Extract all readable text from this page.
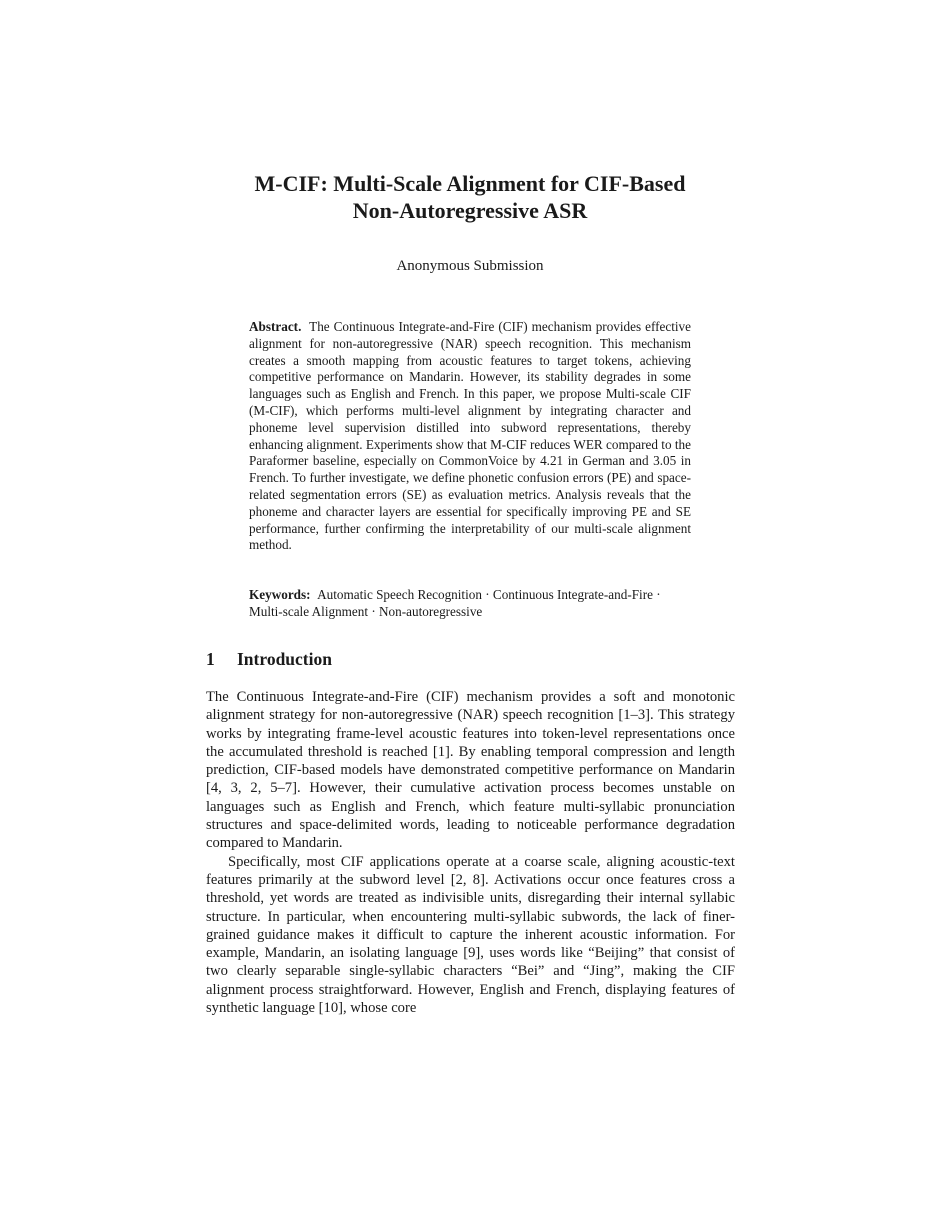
M-CIF: Multi-Scale Alignment for CIF-Based
Non-Autoregressive ASR
Anonymous Submission
Abstract. The Continuous Integrate-and-Fire (CIF) mechanism provides effective alignment for non-autoregressive (NAR) speech recognition. This mechanism creates a smooth mapping from acoustic features to target tokens, achieving competitive performance on Mandarin. However, its stability degrades in some languages such as English and French. In this paper, we propose Multi-scale CIF (M-CIF), which performs multi-level alignment by integrating character and phoneme level supervision distilled into subword representations, thereby enhancing alignment. Experiments show that M-CIF reduces WER compared to the Paraformer baseline, especially on CommonVoice by 4.21 in German and 3.05 in French. To further investigate, we define phonetic confusion errors (PE) and space-related segmentation errors (SE) as evaluation metrics. Analysis reveals that the phoneme and character layers are essential for specifically improving PE and SE performance, further confirming the interpretability of our multi-scale alignment method.
Keywords: Automatic Speech Recognition · Continuous Integrate-and-Fire · Multi-scale Alignment · Non-autoregressive
1 Introduction

The Continuous Integrate-and-Fire (CIF) mechanism provides a soft and monotonic alignment strategy for non-autoregressive (NAR) speech recognition [1–3]. This strategy works by integrating frame-level acoustic features into token-level representations once the accumulated threshold is reached [1]. By enabling temporal compression and length prediction, CIF-based models have demonstrated competitive performance on Mandarin [4, 3, 2, 5–7]. However, their cumulative activation process becomes unstable on languages such as English and French, which feature multi-syllabic pronunciation structures and space-delimited words, leading to noticeable performance degradation compared to Mandarin.

Specifically, most CIF applications operate at a coarse scale, aligning acoustic-text features primarily at the subword level [2, 8]. Activations occur once features cross a threshold, yet words are treated as indivisible units, disregarding their internal syllabic structure. In particular, when encountering multi-syllabic subwords, the lack of finer-grained guidance makes it difficult to capture the inherent acoustic information. For example, Mandarin, an isolating language [9], uses words like “Beijing” that consist of two clearly separable single-syllabic characters “Bei” and “Jing”, making the CIF alignment process straightforward. However, English and French, displaying features of synthetic language [10], whose core
